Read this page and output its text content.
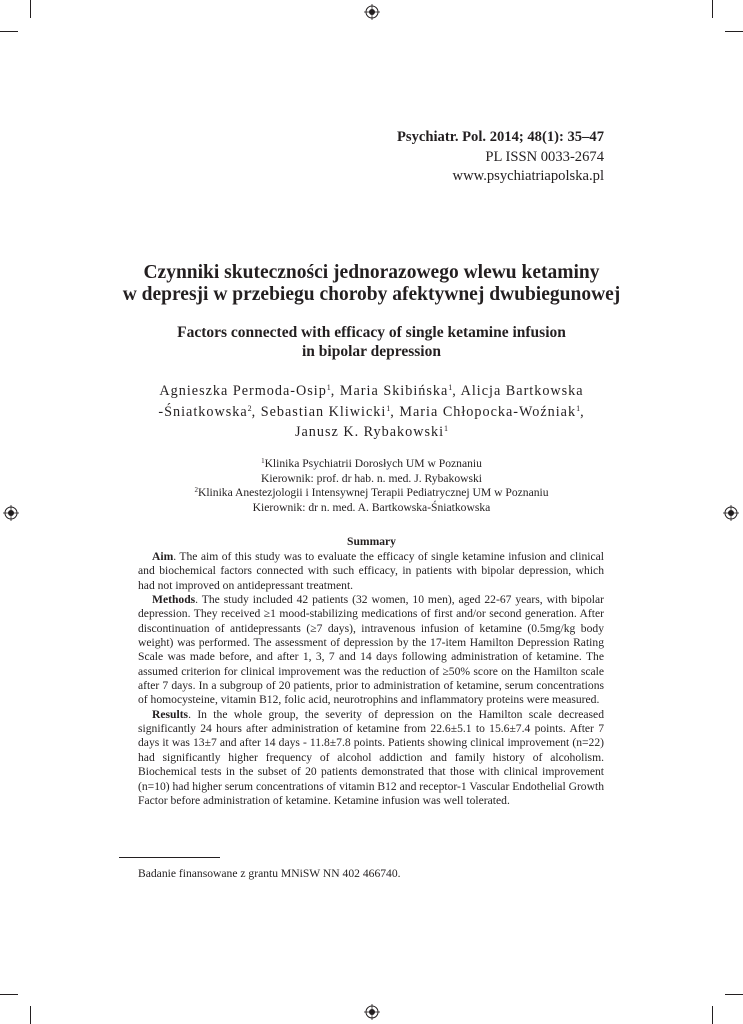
Psychiatr. Pol. 2014; 48(1): 35–47
PL ISSN 0033-2674
www.psychiatriapolska.pl
Czynniki skuteczności jednorazowego wlewu ketaminy
w depresji w przebiegu choroby afektywnej dwubiegunowej
Factors connected with efficacy of single ketamine infusion
in bipolar depression
Agnieszka Permoda-Osip$^1$, Maria Skibińska$^1$, Alicja Bartkowska
-Śniatkowska$^2$, Sebastian Kliwicki$^1$, Maria Chłopocka-Woźniak$^1$,
Janusz K. Rybakowski$^1$
$^1$Klinika Psychiatrii Dorosłych UM w Poznaniu
Kierownik: prof. dr hab. n. med. J. Rybakowski
$^2$Klinika Anestezjologii i Intensywnej Terapii Pediatrycznej UM w Poznaniu
Kierownik: dr n. med. A. Bartkowska-Śniatkowska
Summary

Aim. The aim of this study was to evaluate the efficacy of single ketamine infusion and clinical and biochemical factors connected with such efficacy, in patients with bipolar depression, which had not improved on antidepressant treatment.

Methods. The study included 42 patients (32 women, 10 men), aged 22-67 years, with bipolar depression. They received ≥1 mood-stabilizing medications of first and/or second generation. After discontinuation of antidepressants (≥7 days), intravenous infusion of ketamine (0.5mg/kg body weight) was performed. The assessment of depression by the 17-item Hamilton Depression Rating Scale was made before, and after 1, 3, 7 and 14 days following administration of ketamine. The assumed criterion for clinical improvement was the reduction of ≥50% score on the Hamilton scale after 7 days. In a subgroup of 20 patients, prior to administration of ketamine, serum concentrations of homocysteine, vitamin B12, folic acid, neurotrophins and inflammatory proteins were measured.

Results. In the whole group, the severity of depression on the Hamilton scale decreased significantly 24 hours after administration of ketamine from 22.6±5.1 to 15.6±7.4 points. After 7 days it was 13±7 and after 14 days - 11.8±7.8 points. Patients showing clinical improvement (n=22) had significantly higher frequency of alcohol addiction and family history of alcoholism. Biochemical tests in the subset of 20 patients demonstrated that those with clinical improvement (n=10) had higher serum concentrations of vitamin B12 and receptor-1 Vascular Endothelial Growth Factor before administration of ketamine. Ketamine infusion was well tolerated.

Badanie finansowane z grantu MNiSW NN 402 466740.
